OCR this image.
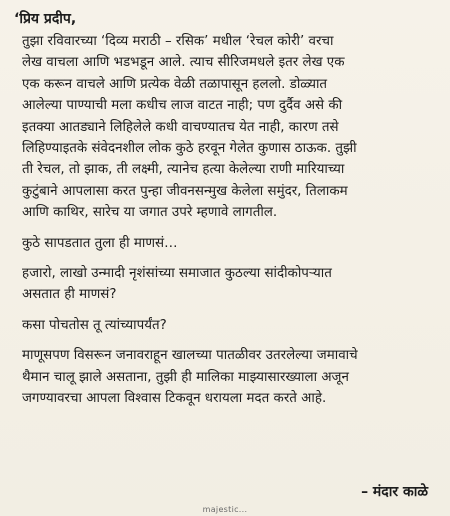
‘प्रिय प्रदीप,

तुझा रविवारच्या ‘दिव्य मराठी – रसिक’ मधील ‘रेचल कोरी’ वरचा
लेख वाचला आणि भडभडून आले. त्याच सीरिजमधले इतर लेख एक
एक करून वाचले आणि प्रत्येक वेळी तळापासून हललो. डोळ्यात
आलेल्या पाण्याची मला कधीच लाज वाटत नाही; पण दुर्दैव असे की
इतक्या आतड्याने लिहिलेले कधी वाचण्यातच येत नाही, कारण तसे
लिहिण्याइतके संवेदनशील लोक कुठे हरवून गेलेत कुणास ठाऊक. तुझी
ती रेचल, तो झाक, ती लक्ष्मी, त्यानेच हत्या केलेल्या राणी मारियाच्या
कुटुंबाने आपलासा करत पुन्हा जीवनसन्मुख केलेला समुंदर, तिलाकम
आणि काथिर, सारेच या जगात उपरे म्हणावे लागतील.

कुठे सापडतात तुला ही माणसं…

हजारो, लाखो उन्मादी नृशंसांच्या समाजात कुठल्या सांदीकोपऱ्यात
असतात ही माणसं?

कसा पोचतोस तू त्यांच्यापर्यंत?

माणूसपण विसरून जनावराहून खालच्या पातळीवर उतरलेल्या जमावाचे
थैमान चालू झाले असताना, तुझी ही मालिका माझ्यासारख्याला अजून
जगण्यावरचा आपला विश्वास टिकवून धरायला मदत करते आहे.

– मंदार काळे
majestic...
